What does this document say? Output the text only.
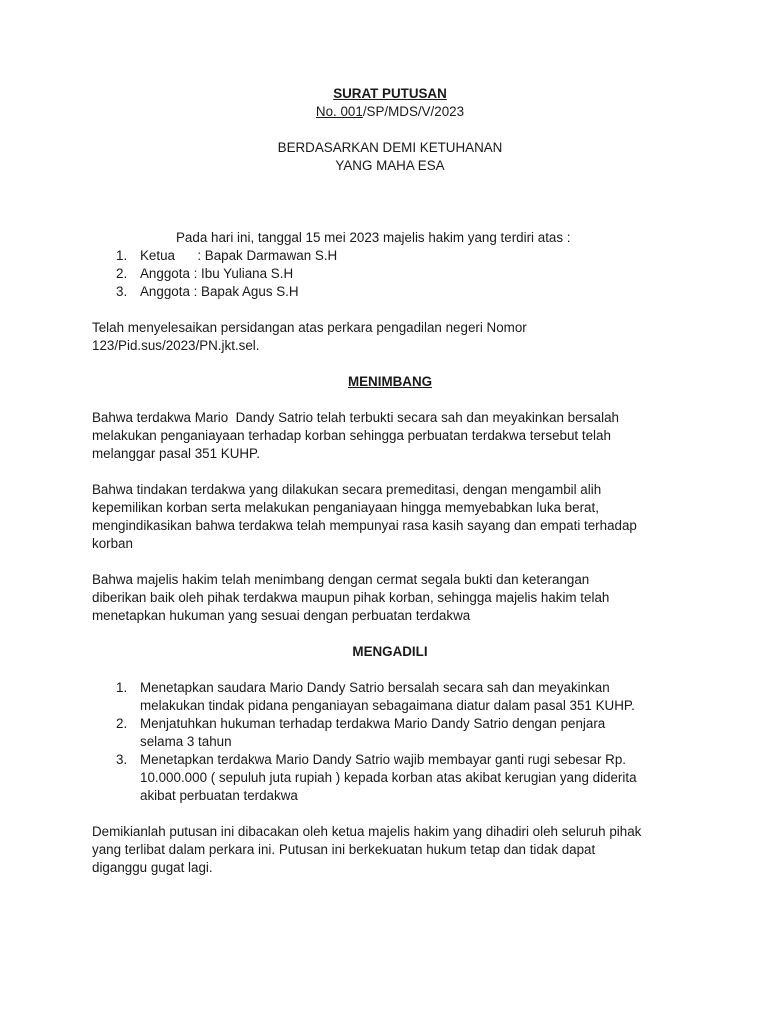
SURAT PUTUSAN

No. 001/SP/MDS/V/2023

BERDASARKAN DEMI KETUHANAN

YANG MAHA ESA

Pada hari ini, tanggal 15 mei 2023 majelis hakim yang terdiri atas :

1. Ketua      : Bapak Darmawan S.H
2. Anggota : Ibu Yuliana S.H
3. Anggota : Bapak Agus S.H

Telah menyelesaikan persidangan atas perkara pengadilan negeri Nomor

123/Pid.sus/2023/PN.jkt.sel.

MENIMBANG

Bahwa terdakwa Mario  Dandy Satrio telah terbukti secara sah dan meyakinkan bersalah

melakukan penganiayaan terhadap korban sehingga perbuatan terdakwa tersebut telah

melanggar pasal 351 KUHP.

Bahwa tindakan terdakwa yang dilakukan secara premeditasi, dengan mengambil alih

kepemilikan korban serta melakukan penganiayaan hingga memyebabkan luka berat,

mengindikasikan bahwa terdakwa telah mempunyai rasa kasih sayang dan empati terhadap

korban

Bahwa majelis hakim telah menimbang dengan cermat segala bukti dan keterangan

diberikan baik oleh pihak terdakwa maupun pihak korban, sehingga majelis hakim telah

menetapkan hukuman yang sesuai dengan perbuatan terdakwa

MENGADILI

1. Menetapkan saudara Mario Dandy Satrio bersalah secara sah dan meyakinkan

melakukan tindak pidana penganiayan sebagaimana diatur dalam pasal 351 KUHP.

2. Menjatuhkan hukuman terhadap terdakwa Mario Dandy Satrio dengan penjara

selama 3 tahun

3. Menetapkan terdakwa Mario Dandy Satrio wajib membayar ganti rugi sebesar Rp.

10.000.000 ( sepuluh juta rupiah ) kepada korban atas akibat kerugian yang diderita

akibat perbuatan terdakwa

Demikianlah putusan ini dibacakan oleh ketua majelis hakim yang dihadiri oleh seluruh pihak

yang terlibat dalam perkara ini. Putusan ini berkekuatan hukum tetap dan tidak dapat

diganggu gugat lagi.
